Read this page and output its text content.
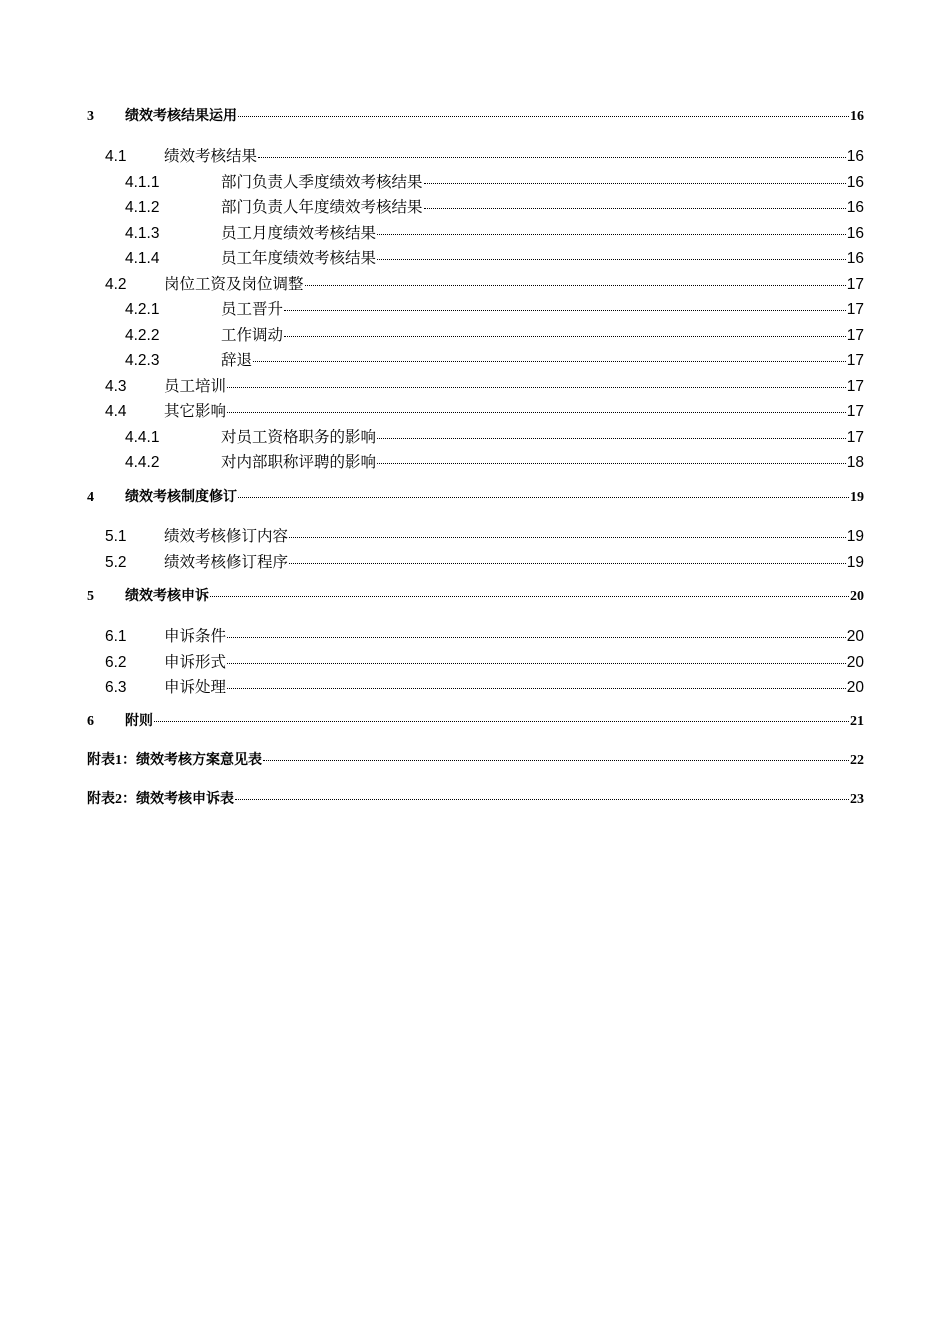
3	绩效考核结果运用	16
4.1	绩效考核结果	16
4.1.1	部门负责人季度绩效考核结果	16
4.1.2	部门负责人年度绩效考核结果	16
4.1.3	员工月度绩效考核结果	16
4.1.4	员工年度绩效考核结果	16
4.2	岗位工资及岗位调整	17
4.2.1	员工晋升	17
4.2.2	工作调动	17
4.2.3	辞退	17
4.3	员工培训	17
4.4	其它影响	17
4.4.1	对员工资格职务的影响	17
4.4.2	对内部职称评聘的影响	18
4	绩效考核制度修订	19
5.1	绩效考核修订内容	19
5.2	绩效考核修订程序	19
5	绩效考核申诉	20
6.1	申诉条件	20
6.2	申诉形式	20
6.3	申诉处理	20
6	附则	21
附表1：绩效考核方案意见表	22
附表2：绩效考核申诉表	23
